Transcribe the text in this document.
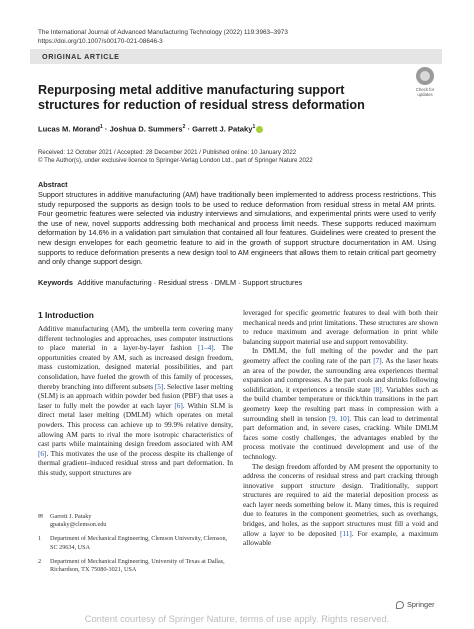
The International Journal of Advanced Manufacturing Technology (2022) 119:3963–3973
https://doi.org/10.1007/s00170-021-08646-3
ORIGINAL ARTICLE
Check for updates
Repurposing metal additive manufacturing support structures for reduction of residual stress deformation
Lucas M. Morand$^1$ · Joshua D. Summers$^2$ · Garrett J. Pataky$^1$
Received: 12 October 2021 / Accepted: 28 December 2021 / Published online: 10 January 2022
© The Author(s), under exclusive licence to Springer-Verlag London Ltd., part of Springer Nature 2022
Abstract
Support structures in additive manufacturing (AM) have traditionally been implemented to address process restrictions. This study repurposed the supports as design tools to be used to reduce deformation from residual stress in metal AM prints. Four geometric features were selected via industry interviews and simulations, and experimental prints were used to verify the use of new, novel supports addressing both mechanical and process limit needs. These supports reduced maximum deformation by 14.6% in a validation part simulation that contained all four features. Guidelines were created to present the new design envelopes for each geometric feature to aid in the growth of support structure documentation in AM. Using supports to reduce deformation presents a new design tool to AM engineers that allows them to retain critical part geometry and only change support design.
Keywords Additive manufacturing · Residual stress · DMLM · Support structures
1 Introduction

Additive manufacturing (AM), the umbrella term covering many different technologies and approaches, uses computer instructions to place material in a layer-by-layer fashion [1–4]. The opportunities created by AM, such as increased design freedom, mass customization, designed material possibilities, and part consolidation, have fueled the growth of this family of processes, thereby branching into different subsets [5]. Selective laser melting (SLM) is an approach within powder bed fusion (PBF) that uses a laser to fully melt the powder at each layer [6]. Within SLM is direct metal laser melting (DMLM) which operates on metal powders. This process can achieve up to 99.9% relative density, allowing AM parts to rival the more isotropic characteristics of cast parts while maintaining design freedom associated with AM [6]. This motivates the use of the process despite its challenge of thermal gradient–induced residual stress and part deformation. In this study, support structures are

leveraged for specific geometric features to deal with both their mechanical needs and print limitations. These structures are shown to reduce maximum and average deformation in print while balancing support material use and support removability.

In DMLM, the full melting of the powder and the part geometry affect the cooling rate of the part [7]. As the laser heats an area of the powder, the surrounding area experiences thermal expansion and compresses. As the part cools and shrinks following solidification, it experiences a tensile state [8]. Variables such as the build chamber temperature or thick/thin transitions in the part geometry keep the resulting part mass in compression with a surrounding shell in tension [9, 10]. This can lead to detrimental part deformation and, in severe cases, cracking. While DMLM faces some costly challenges, the advantages enabled by the process motivate the continued development and use of the technology.

The design freedom afforded by AM present the opportunity to address the concerns of residual stress and part cracking through innovative support structure design. Traditionally, support structures are required to aid the material deposition process as each layer needs something below it. Many times, this is required due to features in the component geometries, such as overhangs, bridges, and holes, as the support structures must fill a void and allow a layer to be deposited [11]. For example, a maximum allowable

✉	Garrett J. Pataky
gpataky@clemson.edu
1	Department of Mechanical Engineering, Clemson University, Clemson, SC 29634, USA
2	Department of Mechanical Engineering, University of Texas at Dallas, Richardson, TX 75080-3021, USA
Springer
Content courtesy of Springer Nature, terms of use apply. Rights reserved.
